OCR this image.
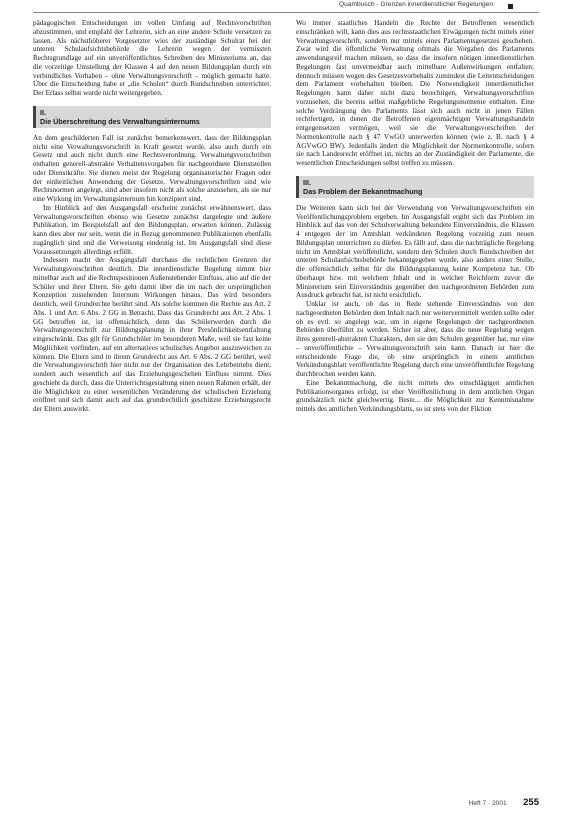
Quambusch · Grenzen innerdienstlicher Regelungen

pädagogischen Entscheidungen im vollen Umfang auf Rechtsvorschriften abzustimmen, und empfahl der Lehrerin, sich an eine andere Schule versetzen zu lassen. Als nächsthöherer Vorgesetzter wies der zuständige Schulrat bei der unteren Schulaufsichtsbehörde die Lehrerin wegen der vermissten Rechtsgrundlage auf ein unveröffentlichtes Schreiben des Ministeriums an, das die vorzeitige Umstellung der Klassen 4 auf den neuen Bildungsplan durch ein verbindliches Vorhaben – ohne Verwaltungsvorschrift – möglich gemacht hatte. Über die Entscheidung habe er „die Schulen“ durch Rundschreiben unterrichtet. Der Erlass selbst wurde nicht weitergegeben.

II.
Die Überschreitung des Verwaltungsinternums

An dem geschilderten Fall ist zunächst bemerkenswert, dass der Bildungsplan nicht eine Verwaltungsvorschrift in Kraft gesetzt wurde, also auch durch ein Gesetz und auch nicht durch eine Rechtsverordnung. Verwaltungsvorschriften enthalten generell-abstrakte Verhaltensvorgaben für nachgeordnete Dienststellen oder Dienstkräfte. Sie dienen meist der Regelung organisatorischer Fragen oder der einheitlichen Anwendung der Gesetze. Verwaltungsvorschriften sind wie Rechtsnormen angelegt, sind aber insofern nicht als solche anzusehen, als sie nur eine Wirkung im Verwaltungsinternum hin konzipiert sind.

Im Hinblick auf den Ausgangsfall erscheint zunächst erwähnenswert, dass Verwaltungsvorschriften ebenso wie Gesetze zunächst dargelegte und äußere Publikation, im Beispielsfall auf den Bildungsplan, erwarten können. Zulässig kann dies aber nur sein, wenn die in Bezug genommenen Publikationen ebenfalls zugänglich sind und die Verweisung eindeutig ist. Im Ausgangsfall sind diese Voraussetzungen allerdings erfüllt.

Indessen macht der Ausgangsfall durchaus die rechtlichen Grenzen der Verwaltungsvorschriften deutlich. Die innerdienstliche Regelung nimmt hier mittelbar auch auf die Rechtspositionen Außenstehender Einfluss, also auf die der Schüler und ihrer Eltern. Sie geht damit über die im nach der ursprünglichen Konzeption zustehenden Internum Wirkungen hinaus. Das wird besonders deutlich, weil Grundrechte berührt sind. Als solche kommen die Rechte aus Art. 2 Abs. 1 und Art. 6 Abs. 2 GG in Betracht. Dass das Grundrecht aus Art. 2 Abs. 1 GG betroffen ist, ist offensichtlich, denn das Schülerwerden durch die Verwaltungsvorschrift zur Bildungsplanung in ihrer Persönlichkeitsentfaltung eingeschränkt. Das gilt für Grundschüler im besonderen Maße, weil sie fast keine Möglichkeit vorfinden, auf ein alternatives schulisches Angebot auszuweichen zu können. Die Eltern sind in ihrem Grundrecht aus Art. 6 Abs. 2 GG berührt, weil die Verwaltungsvorschrift hier nicht nur der Organisation des Lehrbetriebs dient, sondern auch wesentlich auf das Erziehungsgeschehen Einfluss nimmt. Dies geschieht da durch, dass die Unterrichtsgestaltung einen neuen Rahmen erhält, der die Möglichkeit zu einer wesentlichen Veränderung der schulischen Erziehung eröffnet und sich damit auch auf das grundrechtlich geschützte Erziehungsrecht der Eltern auswirkt.

Wo immer staatliches Handeln die Rechte der Betroffenen wesentlich einschränken will, kann dies aus rechtsstaatlichen Erwägungen nicht mittels einer Verwaltungsvorschrift, sondern nur mittels eines Parlamentsgesetzes geschehen. Zwar wird die öffentliche Verwaltung oftmals die Vorgaben des Parlaments anwendungsreif machen müssen, so dass die insofern nötigen innerdienstlichen Regelungen fast unvermeidbar auch mittelbare Außenwirkungen entfalten; dennoch müssen wegen des Gesetzesvorbehalts zumindest die Leitentscheidungen dem Parlament vorbehalten bleiben. Die Notwendigkeit innerdienstlicher Regelungen kann daher nicht dazu berechtigen, Verwaltungsvorschriften vorzusehen, die bereits selbst maßgebliche Regelungsmomente enthalten. Eine solche Verdrängung des Parlaments lässt sich auch nicht in jenen Fällen rechtfertigen, in denen die Betroffenen eigenmächtigen Verwaltungshandeln entgegensetzen vermögen, weil sie die Verwaltungsvorschriften der Normenkontrolle nach § 47 VwGO unterwerfen können (wie z. B. nach § 4 AGVwGO BW). Jedenfalls ändert die Möglichkeit der Normenkontrolle, sofern sie nach Landesrecht eröffnet ist, nichts an der Zuständigkeit der Parlamente, die wesentlichen Entscheidungen selbst treffen zu müssen.

III.
Das Problem der Bekanntmachung

Die Weiteren kann sich bei der Verwendung von Verwaltungsvorschriften ein Veröffentlichungsproblem ergeben. Im Ausgangsfall ergibt sich das Problem im Hinblick auf das von der Schulverwaltung bekundete Einverständnis, die Klassen 4 entgegen der im Amtsblatt verkündeten Regelung vorzeitig zum neuen Bildungsplan unterrichten zu dürfen. Es fällt auf, dass die nachträgliche Regelung nicht im Amtsblatt veröffentlicht, sondern den Schulen durch Rundschreiben der unteren Schulaufsichtsbehörde bekanntgegeben wurde, also anders einer Stelle, die offensichtlich selbst für die Bildungsplanung keine Kompetenz hat. Ob überhaupt bzw. mit welchem Inhalt und in welcher Reichform zuvor die Ministerium sein Einverständnis gegenüber den nachgeordneten Behörden zum Ausdruck gebracht hat, ist nicht ersichtlich.

Unklar ist auch, ob das in Rede stehende Einverständnis von den nachgeordneten Behörden dem Inhalt nach nur weitervermittelt werden sollte oder ob es evtl. so angelegt war, um in eigene Regelungen der nachgeordneten Behörden überführt zu werden. Sicher ist aber, dass die neue Regelung wegen ihres generell-abstrakten Charakters, den sie den Schulen gegenüber hat, nur eine – unveröffentlichte – Verwaltungsvorschrift sein kann. Danach ist hier die entscheidende Frage die, ob eine ursprünglich in einem amtlichen Verkündungsblatt veröffentlichte Regelung durch eine unveröffentlichte Regelung durchbrochen werden kann.

Eine Bekanntmachung, die nicht mittels des einschlägigen amtlichen Publikationsorganes erfolgt, ist eher Veröffentlichung in dem amtlichen Organ grundsätzlich nicht gleichwertig. Beste... die Möglichkeit zur Kenntnisnahme mittels des amtlichen Verkündungsblatts, so ist stets von der Fiktion

Heft 7 · 2001 255
